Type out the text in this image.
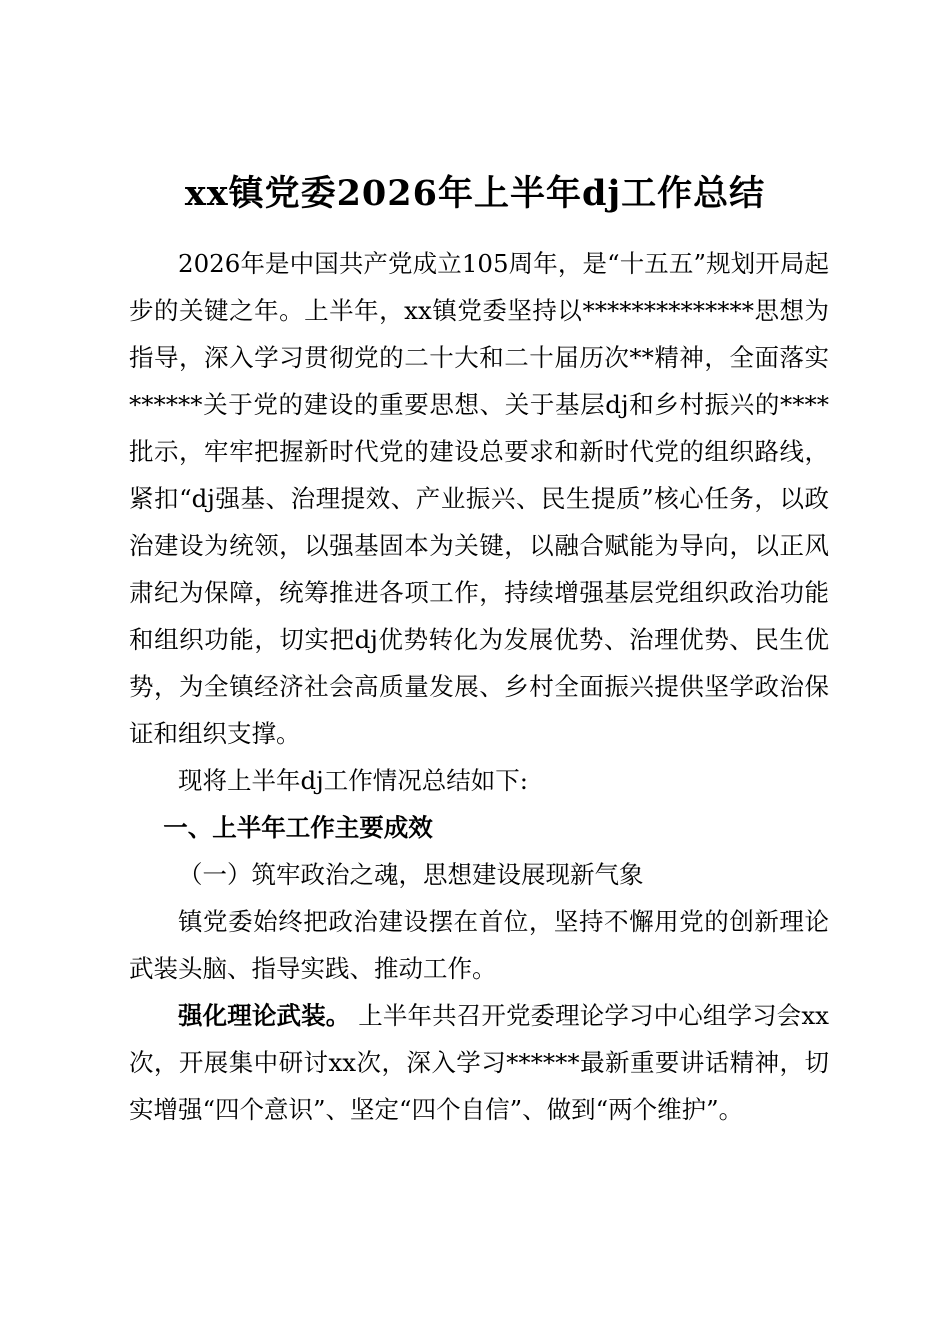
xx镇党委2026年上半年dj工作总结

2026年是中国共产党成立105周年，是“十五五”规划开局起步的关键之年。上半年，xx镇党委坚持以**************思想为指导，深入学习贯彻党的二十大和二十届历次**精神，全面落实******关于党的建设的重要思想、关于基层dj和乡村振兴的****批示，牢牢把握新时代党的建设总要求和新时代党的组织路线，紧扣“dj强基、治理提效、产业振兴、民生提质”核心任务，以政治建设为统领，以强基固本为关键，以融合赋能为导向，以正风肃纪为保障，统筹推进各项工作，持续增强基层党组织政治功能和组织功能，切实把dj优势转化为发展优势、治理优势、民生优势，为全镇经济社会高质量发展、乡村全面振兴提供坚学政治保证和组织支撑。

现将上半年dj工作情况总结如下:

一、上半年工作主要成效

（一）筑牢政治之魂，思想建设展现新气象

镇党委始终把政治建设摆在首位，坚持不懈用党的创新理论武装头脑、指导实践、推动工作。

强化理论武装。 上半年共召开党委理论学习中心组学习会xx次，开展集中研讨xx次，深入学习******最新重要讲话精神，切实增强“四个意识”、坚定“四个自信”、做到“两个维护”。
